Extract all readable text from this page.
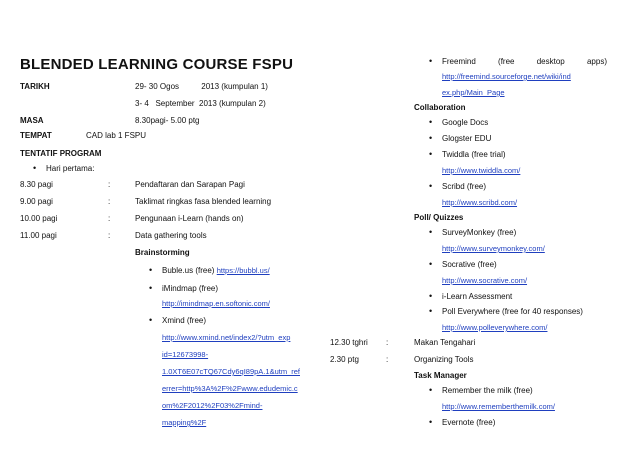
BLENDED LEARNING COURSE FSPU
TARIKH	29- 30 Ogos          2013 (kumpulan 1)
3- 4   September  2013 (kumpulan 2)
MASA	8.30pagi- 5.00 ptg
TEMPAT	CAD lab 1 FSPU
TENTATIF PROGRAM
• Hari pertama:
8.30 pagi	:	Pendaftaran dan Sarapan Pagi
9.00 pagi	:	Taklimat ringkas fasa blended learning
10.00 pagi	:	Pengunaan i-Learn (hands on)
11.00 pagi	:	Data gathering tools
Brainstorming
• Buble.us (free) https://bubbl.us/
• iMindmap (free)
http://imindmap.en.softonic.com/
• Xmind (free)
http://www.xmind.net/index2/?utm_exp
id=12673998-
1.0XT6E07cTQ67Cdy6qI89pA.1&utm_ref
errer=http%3A%2F%2Fwww.edudemic.c
om%2F2012%2F03%2Fmind-
mapping%2F
• Freemind	(free	desktop	apps)
http://freemind.sourceforge.net/wiki/ind
ex.php/Main_Page
Collaboration
• Google Docs
• Glogster EDU
• Twiddla (free trial)
http://www.twiddla.com/
• Scribd (free)
http://www.scribd.com/
Poll/ Quizzes
• SurveyMonkey (free)
http://www.surveymonkey.com/
• Socrative (free)
http://www.socrative.com/
• i-Learn Assessment
• Poll Everywhere (free for 40 responses)
http://www.polleverywhere.com/
12.30 tghri :	Makan Tengahari
2.30 ptg	:	Organizing Tools
Task Manager
• Remember the milk (free)
http://www.rememberthemilk.com/
• Evernote (free)
